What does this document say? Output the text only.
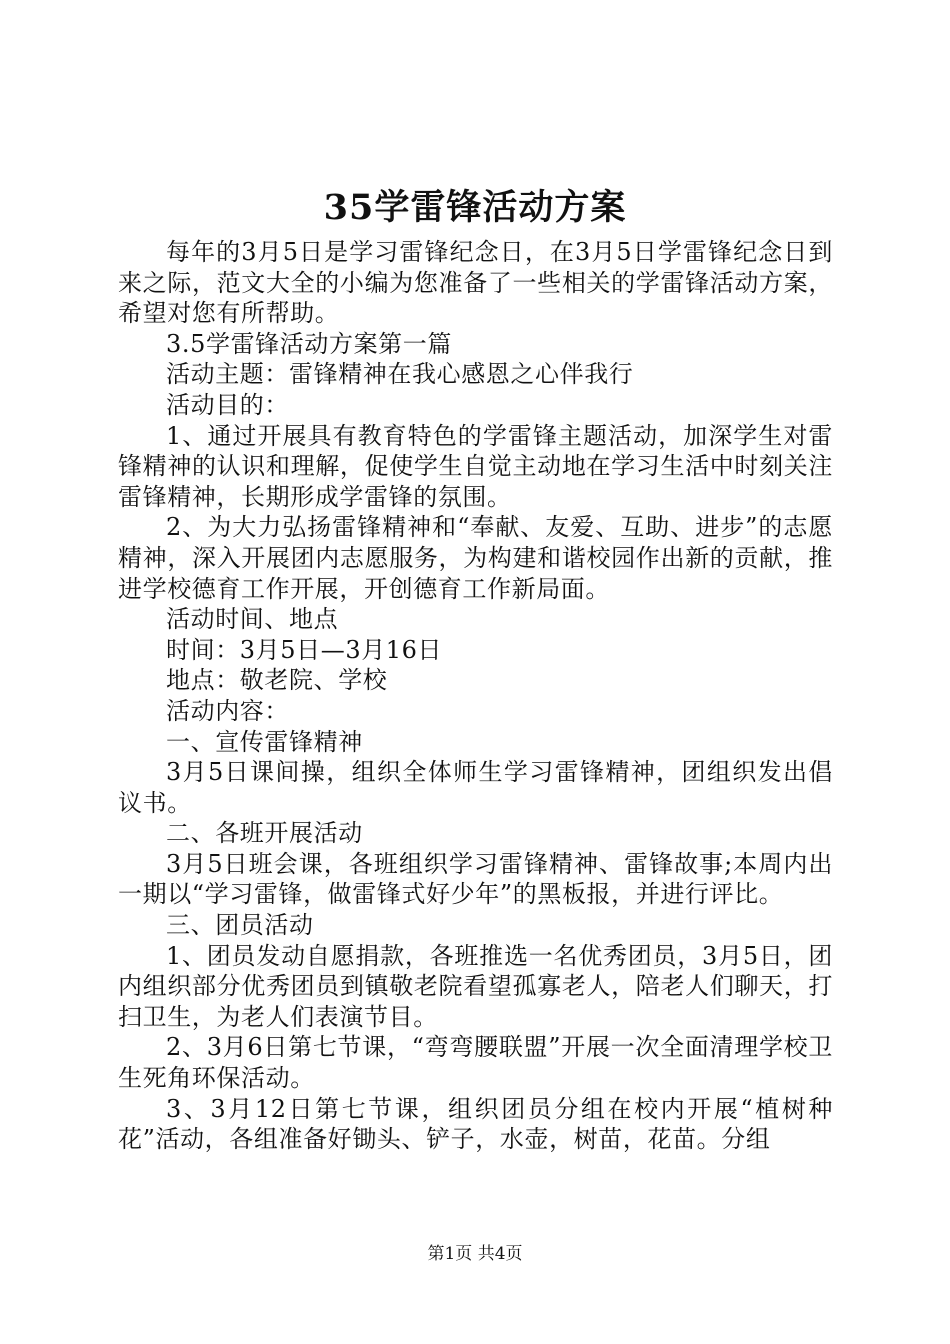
35学雷锋活动方案

每年的3月5日是学习雷锋纪念日，在3月5日学雷锋纪念日到来之际，范文大全的小编为您准备了一些相关的学雷锋活动方案，希望对您有所帮助。

3.5学雷锋活动方案第一篇

活动主题：雷锋精神在我心感恩之心伴我行

活动目的：

1、通过开展具有教育特色的学雷锋主题活动，加深学生对雷锋精神的认识和理解，促使学生自觉主动地在学习生活中时刻关注雷锋精神，长期形成学雷锋的氛围。

2、为大力弘扬雷锋精神和“奉献、友爱、互助、进步”的志愿精神，深入开展团内志愿服务，为构建和谐校园作出新的贡献，推进学校德育工作开展，开创德育工作新局面。

活动时间、地点

时间：3月5日—3月16日

地点：敬老院、学校

活动内容：

一、宣传雷锋精神

3月5日课间操，组织全体师生学习雷锋精神，团组织发出倡议书。

二、各班开展活动

3月5日班会课，各班组织学习雷锋精神、雷锋故事;本周内出一期以“学习雷锋，做雷锋式好少年”的黑板报，并进行评比。

三、团员活动

1、团员发动自愿捐款，各班推选一名优秀团员，3月5日，团内组织部分优秀团员到镇敬老院看望孤寡老人，陪老人们聊天，打扫卫生，为老人们表演节目。

2、3月6日第七节课，“弯弯腰联盟”开展一次全面清理学校卫生死角环保活动。

3、3月12日第七节课，组织团员分组在校内开展“植树种花”活动，各组准备好锄头、铲子，水壶，树苗，花苗。分组

第1页 共4页
